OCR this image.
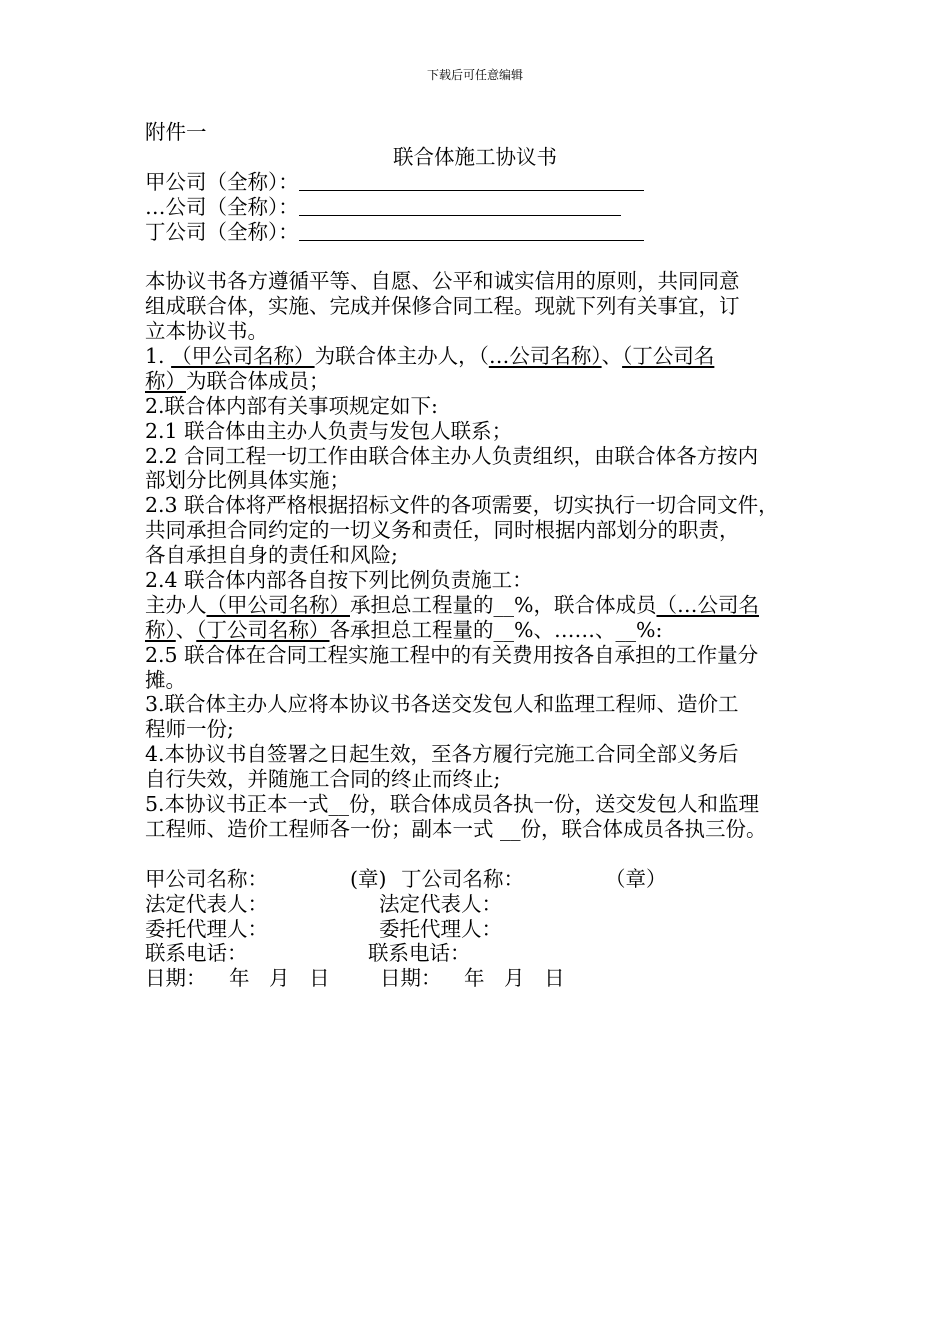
下载后可任意编辑
附件一
联合体施工协议书
甲公司（全称）：
…公司（全称）：
丁公司（全称）：
本协议书各方遵循平等、自愿、公平和诚实信用的原则，共同同意
组成联合体，实施、完成并保修合同工程。现就下列有关事宜，订
立本协议书。
1. （甲公司名称）为联合体主办人，（…公司名称）、（丁公司名
称）为联合体成员；
2.联合体内部有关事项规定如下:
2.1 联合体由主办人负责与发包人联系；
2.2 合同工程一切工作由联合体主办人负责组织，由联合体各方按内
部划分比例具体实施；
2.3 联合体将严格根据招标文件的各项需要，切实执行一切合同文件，
共同承担合同约定的一切义务和责任，同时根据内部划分的职责，
各自承担自身的责任和风险;
2.4 联合体内部各自按下列比例负责施工：
主办人（甲公司名称）承担总工程量的__%，联合体成员（…公司名
称）、（丁公司名称）各承担总工程量的__%、……、__%:
2.5 联合体在合同工程实施工程中的有关费用按各自承担的工作量分
摊。
3.联合体主办人应将本协议书各送交发包人和监理工程师、造价工
程师一份;
4.本协议书自签署之日起生效，至各方履行完施工合同全部义务后
自行失效，并随施工合同的终止而终止;
5.本协议书正本一式__份，联合体成员各执一份，送交发包人和监理
工程师、造价工程师各一份；副本一式 __份，联合体成员各执三份。
甲公司名称：	(章) 丁公司名称：	（章）
法定代表人：	法定代表人：
委托代理人：	委托代理人：
联系电话：	联系电话：
日期： 年   月   日 日期： 年   月   日
